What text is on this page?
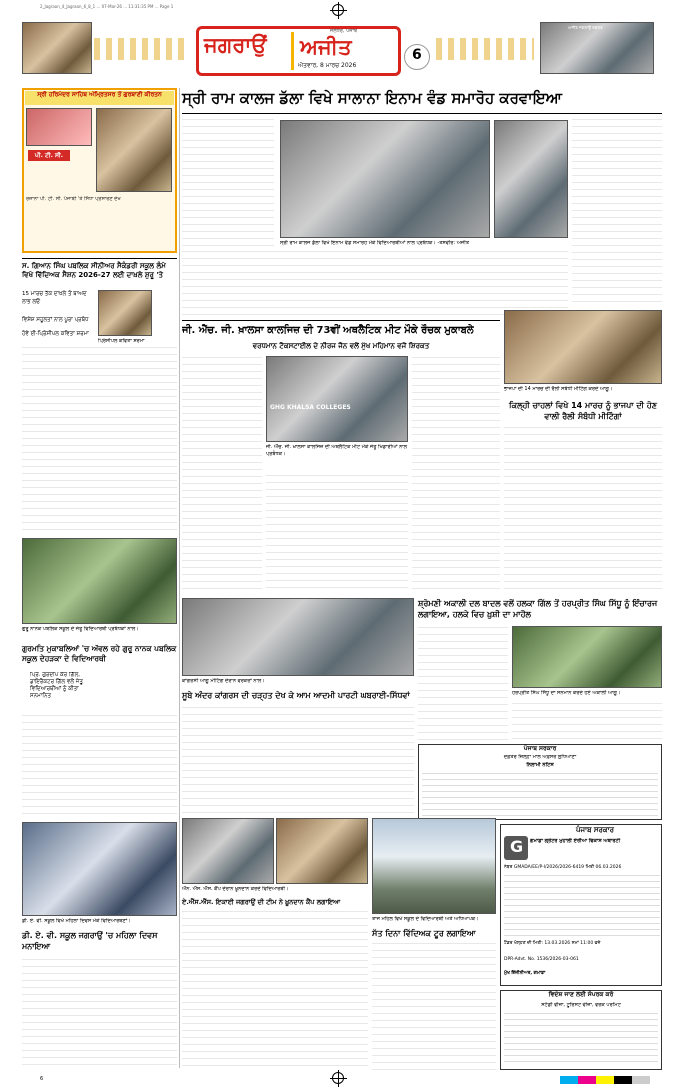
2_Jagraon_4_Jagraon_6_8_1 ... 07-Mar-26 ... 11:31:35 PM ... Page 1
ਜਗਰਾਉਂ ਅਜੀਤ
ਜਲੰਧਰ, ਪੰਜਾਬ
ਐਤਵਾਰ, 8 ਮਾਰਚ 2026
6
ਅਜੀਤ ਜਗਰਾਉਂ ਦਫ਼ਤਰ
ਸ੍ਰੀ ਹਰਿਮੰਦਰ ਸਾਹਿਬ ਅੰਮ੍ਰਿਤਸਰ ਤੋਂ ਗੁਰਬਾਣੀ ਕੀਰਤਨ
ਪੀ. ਟੀ. ਸੀ.
ਰੋਜ਼ਾਨਾ ਪੀ. ਟੀ. ਸੀ. ਪੰਜਾਬੀ 'ਤੇ ਸਿੱਧਾ ਪ੍ਰਸਾਰਣ ਦੇਖੋ
ਸ੍ਰੀ ਰਾਮ ਕਾਲਜ ਡੱਲਾ ਵਿਖੇ ਸਾਲਾਨਾ ਇਨਾਮ ਵੰਡ ਸਮਾਰੋਹ ਕਰਵਾਇਆ
ਸ੍ਰੀ ਰਾਮ ਕਾਲਜ ਡੱਲਾ ਵਿਖੇ ਇਨਾਮ ਵੰਡ ਸਮਾਰੋਹ ਮੌਕੇ ਵਿਦਿਆਰਥੀਆਂ ਨਾਲ ਪ੍ਰਬੰਧਕ। -ਤਸਵੀਰ: ਅਜੀਤ
ਸ. ਗਿਆਨ ਸਿੰਘ ਪਬਲਿਕ ਸੀਨੀਅਰ ਸੈਕੰਡਰੀ ਸਕੂਲ ਲੰਮੇ ਵਿਖੇ ਵਿੱਦਿਅਕ ਸੈਸ਼ਨ 2026-27 ਲਈ ਦਾਖ਼ਲੇ ਸ਼ੁਰੂ 'ਤੇ
15 ਮਾਰਚ ਤੱਕ ਦਾਖ਼ਲੇ ਤੋਂ ਬਾਅਦ ਲਾਭ ਲਓ
ਵਿਸ਼ੇਸ਼ ਸਹੂਲਤਾਂ ਨਾਲ ਪੂਰਾ ਪ੍ਰਬੰਧ
ਹੋਵੇ ਈ-ਪ੍ਰਿੰਸੀਪਲ ਕਵਿਤਾ ਸ਼ਰਮਾ
ਪ੍ਰਿੰਸੀਪਲ ਕਵਿਤਾ ਸ਼ਰਮਾ
ਜੀ. ਐੱਚ. ਜੀ. ਖ਼ਾਲਸਾ ਕਾਲਜਿਜ਼ ਦੀ 73ਵੀਂ ਅਥਲੈਟਿਕ ਮੀਟ ਮੌਕੇ ਰੌਚਕ ਮੁਕਾਬਲੇ
ਵਰਧਮਾਨ ਟੈਕਸਟਾਈਲ ਦੇ ਨੀਰਜ ਜੈਨ ਵਲੋਂ ਮੁੱਖ ਮਹਿਮਾਨ ਵਜੋਂ ਸ਼ਿਰਕਤ
GHG KHALSA COLLEGES
ਜੀ. ਐੱਚ. ਜੀ. ਖ਼ਾਲਸਾ ਕਾਲਜਿਜ਼ ਦੀ ਅਥਲੈਟਿਕ ਮੀਟ ਮੌਕੇ ਜੇਤੂ ਖਿਡਾਰੀਆਂ ਨਾਲ ਪ੍ਰਬੰਧਕ।
ਭਾਜਪਾ ਦੀ 14 ਮਾਰਚ ਦੀ ਰੈਲੀ ਸਬੰਧੀ ਮੀਟਿੰਗ ਕਰਦੇ ਆਗੂ।
ਕਿਲ੍ਹੀ ਚਾਹਲਾਂ ਵਿਖੇ 14 ਮਾਰਚ ਨੂੰ ਭਾਜਪਾ ਦੀ ਹੋਣ ਵਾਲੀ ਰੈਲੀ ਸੰਬੰਧੀ ਮੀਟਿੰਗਾਂ
ਗੁਰੂ ਨਾਨਕ ਪਬਲਿਕ ਸਕੂਲ ਦੇ ਜੇਤੂ ਵਿਦਿਆਰਥੀ ਪ੍ਰਬੰਧਕਾਂ ਨਾਲ।
ਗੁਰਮਤਿ ਮੁਕਾਬਲਿਆਂ 'ਚ ਅੱਵਲ ਰਹੇ ਗੁਰੂ ਨਾਨਕ ਪਬਲਿਕ ਸਕੂਲ ਦੇਹੜਕਾ ਦੇ ਵਿਦਿਆਰਥੀ
ਪ੍ਰਿੰ. ਗੁਰਦੀਪ ਕੌਰ ਗਿੱਲ, ਡਾਇਰੈਕਟਰ ਗਿੱਲ ਵਲੋਂ ਜੇਤੂ ਵਿਦਿਆਰਥੀਆਂ ਨੂੰ ਕੀਤਾ ਸਨਮਾਨਿਤ
ਕਾਂਗਰਸੀ ਆਗੂ ਮੀਟਿੰਗ ਦੌਰਾਨ ਵਰਕਰਾਂ ਨਾਲ।
ਸੂਬੇ ਅੰਦਰ ਕਾਂਗਰਸ ਦੀ ਚੜ੍ਹਤ ਦੇਖ ਕੇ ਆਮ ਆਦਮੀ ਪਾਰਟੀ ਘਬਰਾਈ-ਸਿੱਧਵਾਂ
ਸ਼੍ਰੋਮਣੀ ਅਕਾਲੀ ਦਲ ਬਾਦਲ ਵਲੋਂ ਹਲਕਾ ਗਿੱਲ ਤੋਂ ਹਰਪ੍ਰੀਤ ਸਿੰਘ ਸਿੱਧੂ ਨੂੰ ਇੰਚਾਰਜ ਲਗਾਇਆ, ਹਲਕੇ ਵਿਚ ਖ਼ੁਸ਼ੀ ਦਾ ਮਾਹੌਲ
ਹਰਪ੍ਰੀਤ ਸਿੰਘ ਸਿੱਧੂ ਦਾ ਸਨਮਾਨ ਕਰਦੇ ਹੋਏ ਅਕਾਲੀ ਆਗੂ।
ਪੰਜਾਬ ਸਰਕਾਰ
ਦਫ਼ਤਰ ਜ਼ਿਲ੍ਹਾ ਮਾਲ ਅਫ਼ਸਰ ਲੁਧਿਆਣਾ
ਨਿਲਾਮੀ ਨੋਟਿਸ
ਐੱਨ. ਐੱਸ. ਐੱਸ. ਕੈਂਪ ਦੌਰਾਨ ਖ਼ੂਨਦਾਨ ਕਰਦੇ ਵਿਦਿਆਰਥੀ।
ਏ.ਐੱਸ.ਐੱਸ. ਇਕਾਈ ਜਗਰਾਉਂ ਦੀ ਟੀਮ ਨੇ ਖ਼ੂਨਦਾਨ ਕੈਂਪ ਲਗਾਇਆ
ਤਾਜ ਮਹਿਲ ਵਿਖੇ ਸਕੂਲ ਦੇ ਵਿਦਿਆਰਥੀ ਅਤੇ ਅਧਿਆਪਕ।
ਸੱਤ ਦਿਨਾ ਵਿੱਦਿਅਕ ਟੂਰ ਲਗਾਇਆ
G
ਪੰਜਾਬ ਸਰਕਾਰ
ਗਮਾਡਾ ਗ੍ਰੇਟਰ ਮੁਹਾਲੀ ਏਰੀਆ ਵਿਕਾਸ ਅਥਾਰਟੀ
ਨੰਬਰ GMADA/EE/P-I/2026/2026-6419 ਮਿਤੀ 06.03.2026
ਟੈਂਡਰ ਖੋਲ੍ਹਣ ਦੀ ਮਿਤੀ: 13.03.2026 ਸਮਾਂ 11:00 ਵਜੇ
DPR-Advt. No. 1536/2026-03-061
ਮੁੱਖ ਇੰਜੀਨੀਅਰ, ਗਮਾਡਾ
ਵਿਦੇਸ਼ ਜਾਣ ਲਈ ਸੰਪਰਕ ਕਰੋ
ਸਟੱਡੀ ਵੀਜ਼ਾ, ਟੂਰਿਸਟ ਵੀਜ਼ਾ, ਵਰਕ ਪਰਮਿਟ
ਡੀ. ਏ. ਵੀ. ਸਕੂਲ ਵਿਖੇ ਮਹਿਲਾ ਦਿਵਸ ਮੌਕੇ ਵਿਦਿਆਰਥਣਾਂ।
ਡੀ. ਏ. ਵੀ. ਸਕੂਲ ਜਗਰਾਉਂ 'ਚ ਮਹਿਲਾ ਦਿਵਸ ਮਨਾਇਆ
6
